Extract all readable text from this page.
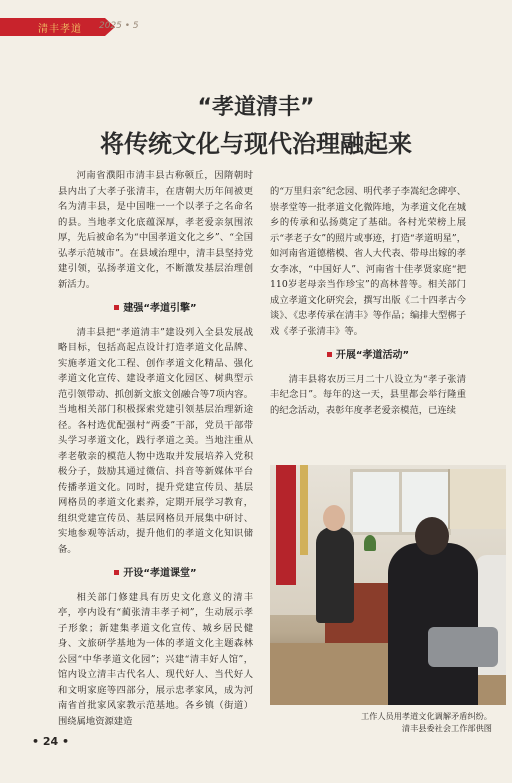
清丰孝道 2025 • 5
“孝道清丰”
将传统文化与现代治理融起来

河南省濮阳市清丰县古称顿丘，因隋朝时县内出了大孝子张清丰，在唐朝大历年间被更名为清丰县，是中国唯一一个以孝子之名命名的县。当地孝文化底蕴深厚，孝老爱亲氛围浓厚，先后被命名为“中国孝道文化之乡”、“全国弘孝示范城市”。在县域治理中，清丰县坚持党建引领，弘扬孝道文化，不断激发基层治理创新活力。

建强“孝道引擎”

清丰县把“孝道清丰”建设列入全县发展战略目标，包括高起点设计打造孝道文化品牌、实施孝道文化工程、创作孝道文化精品、强化孝道文化宣传、建设孝道文化园区、树典型示范引领带动、抓创新文旅文创融合等7项内容。当地相关部门积极探索党建引领基层治理新途径。各村选优配强村“两委”干部，党员干部带头学习孝道文化，践行孝道之美。当地注重从孝老敬亲的模范人物中选取并发展培养入党积极分子，鼓励其通过微信、抖音等新媒体平台传播孝道文化。同时，提升党建宣传员、基层网格员的孝道文化素养，定期开展学习教育，组织党建宣传员、基层网格员开展集中研讨、实地参观等活动，提升他们的孝道文化知识储备。

开设“孝道课堂”

相关部门修建具有历史文化意义的清丰亭，亭内设有“蔺张清丰孝子祠”，生动展示孝子形象；新建集孝道文化宣传、城乡居民健身、文旅研学基地为一体的孝道文化主题森林公园“中华孝道文化园”；兴建“清丰好人馆”，馆内设立清丰古代名人、现代好人、当代好人和文明家庭等四部分，展示忠孝家风，成为河南省首批家风家教示范基地。各乡镇（街道）围绕属地资源建造

的“万里归亲”纪念园、明代孝子李嵩纪念碑亭、崇孝堂等一批孝道文化微阵地，为孝道文化在城乡的传承和弘扬奠定了基础。各村光荣榜上展示“孝老子女”的照片或事迹，打造“孝道明星”，如河南省道德楷模、省人大代表、带母出嫁的孝女李冰，“中国好人”、河南省十佳孝贤家庭“把110岁老母亲当作珍宝”的高林普等。相关部门成立孝道文化研究会，撰写出版《二十四孝古今谈》、《忠孝传承在清丰》等作品；编排大型梆子戏《孝子张清丰》等。

开展“孝道活动”

清丰县将农历三月二十八设立为“孝子张清丰纪念日”。每年的这一天，县里都会举行隆重的纪念活动，表彰年度孝老爱亲模范，已连续

工作人员用孝道文化调解矛盾纠纷。
清丰县委社会工作部供图
• 24 •
